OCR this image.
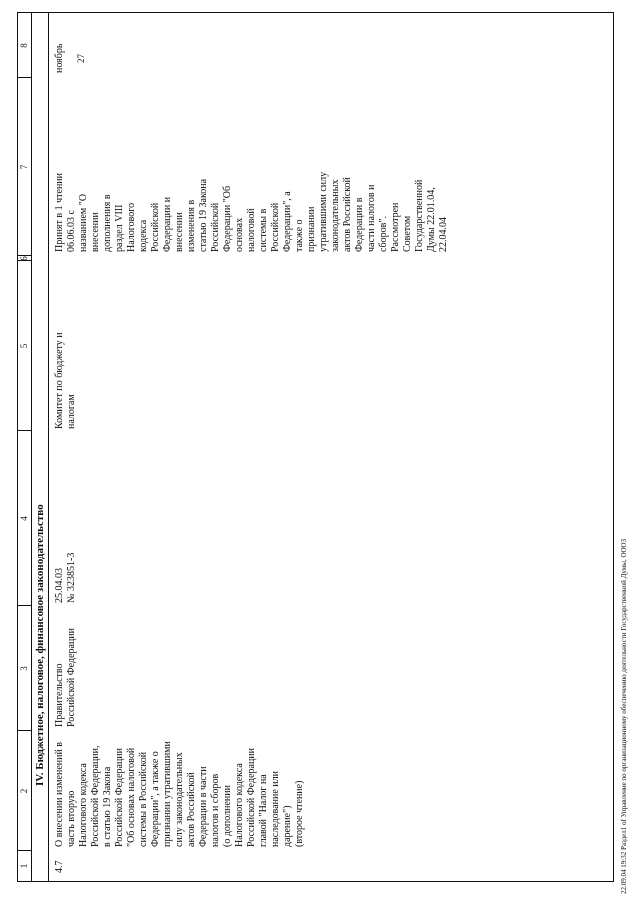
1
2
3
4
5
6
7
8
IV. Бюджетное, налоговое, финансовое законодательство
4.7
О внесении изменений в часть вторую Налогового кодекса Российской Федерации, в статью 19 Закона Российской Федерации "Об основах налоговой системы в Российской Федерации", а также о признании утратившими силу законодательных актов Российской Федерации в части налогов и сборов (о дополнении Налогового кодекса Российской Федерации главой "Налог на наследование или дарение") (второе чтение)
Правительство Российской Федерации
25.04.03 № 323851-3
Комитет по бюджету и налогам
Принят в 1 чтении 06.06.03 с названием "О внесении дополнения в раздел VIII Налогового кодекса Российской Федерации и внесении изменения в статью 19 Закона Российской Федерации "Об основах налоговой системы в Российской Федерации", а также о признании утратившими силу законодательных актов Российской Федерации в части налогов и сборов". Рассмотрен Советом Государственной Думы 22.01.04, 22.04.04
ноябрь 27
22.09.04 19:32 Раздел1 of Управление по организационному обеспечению деятельности Государственной Думы, ОООЗ
